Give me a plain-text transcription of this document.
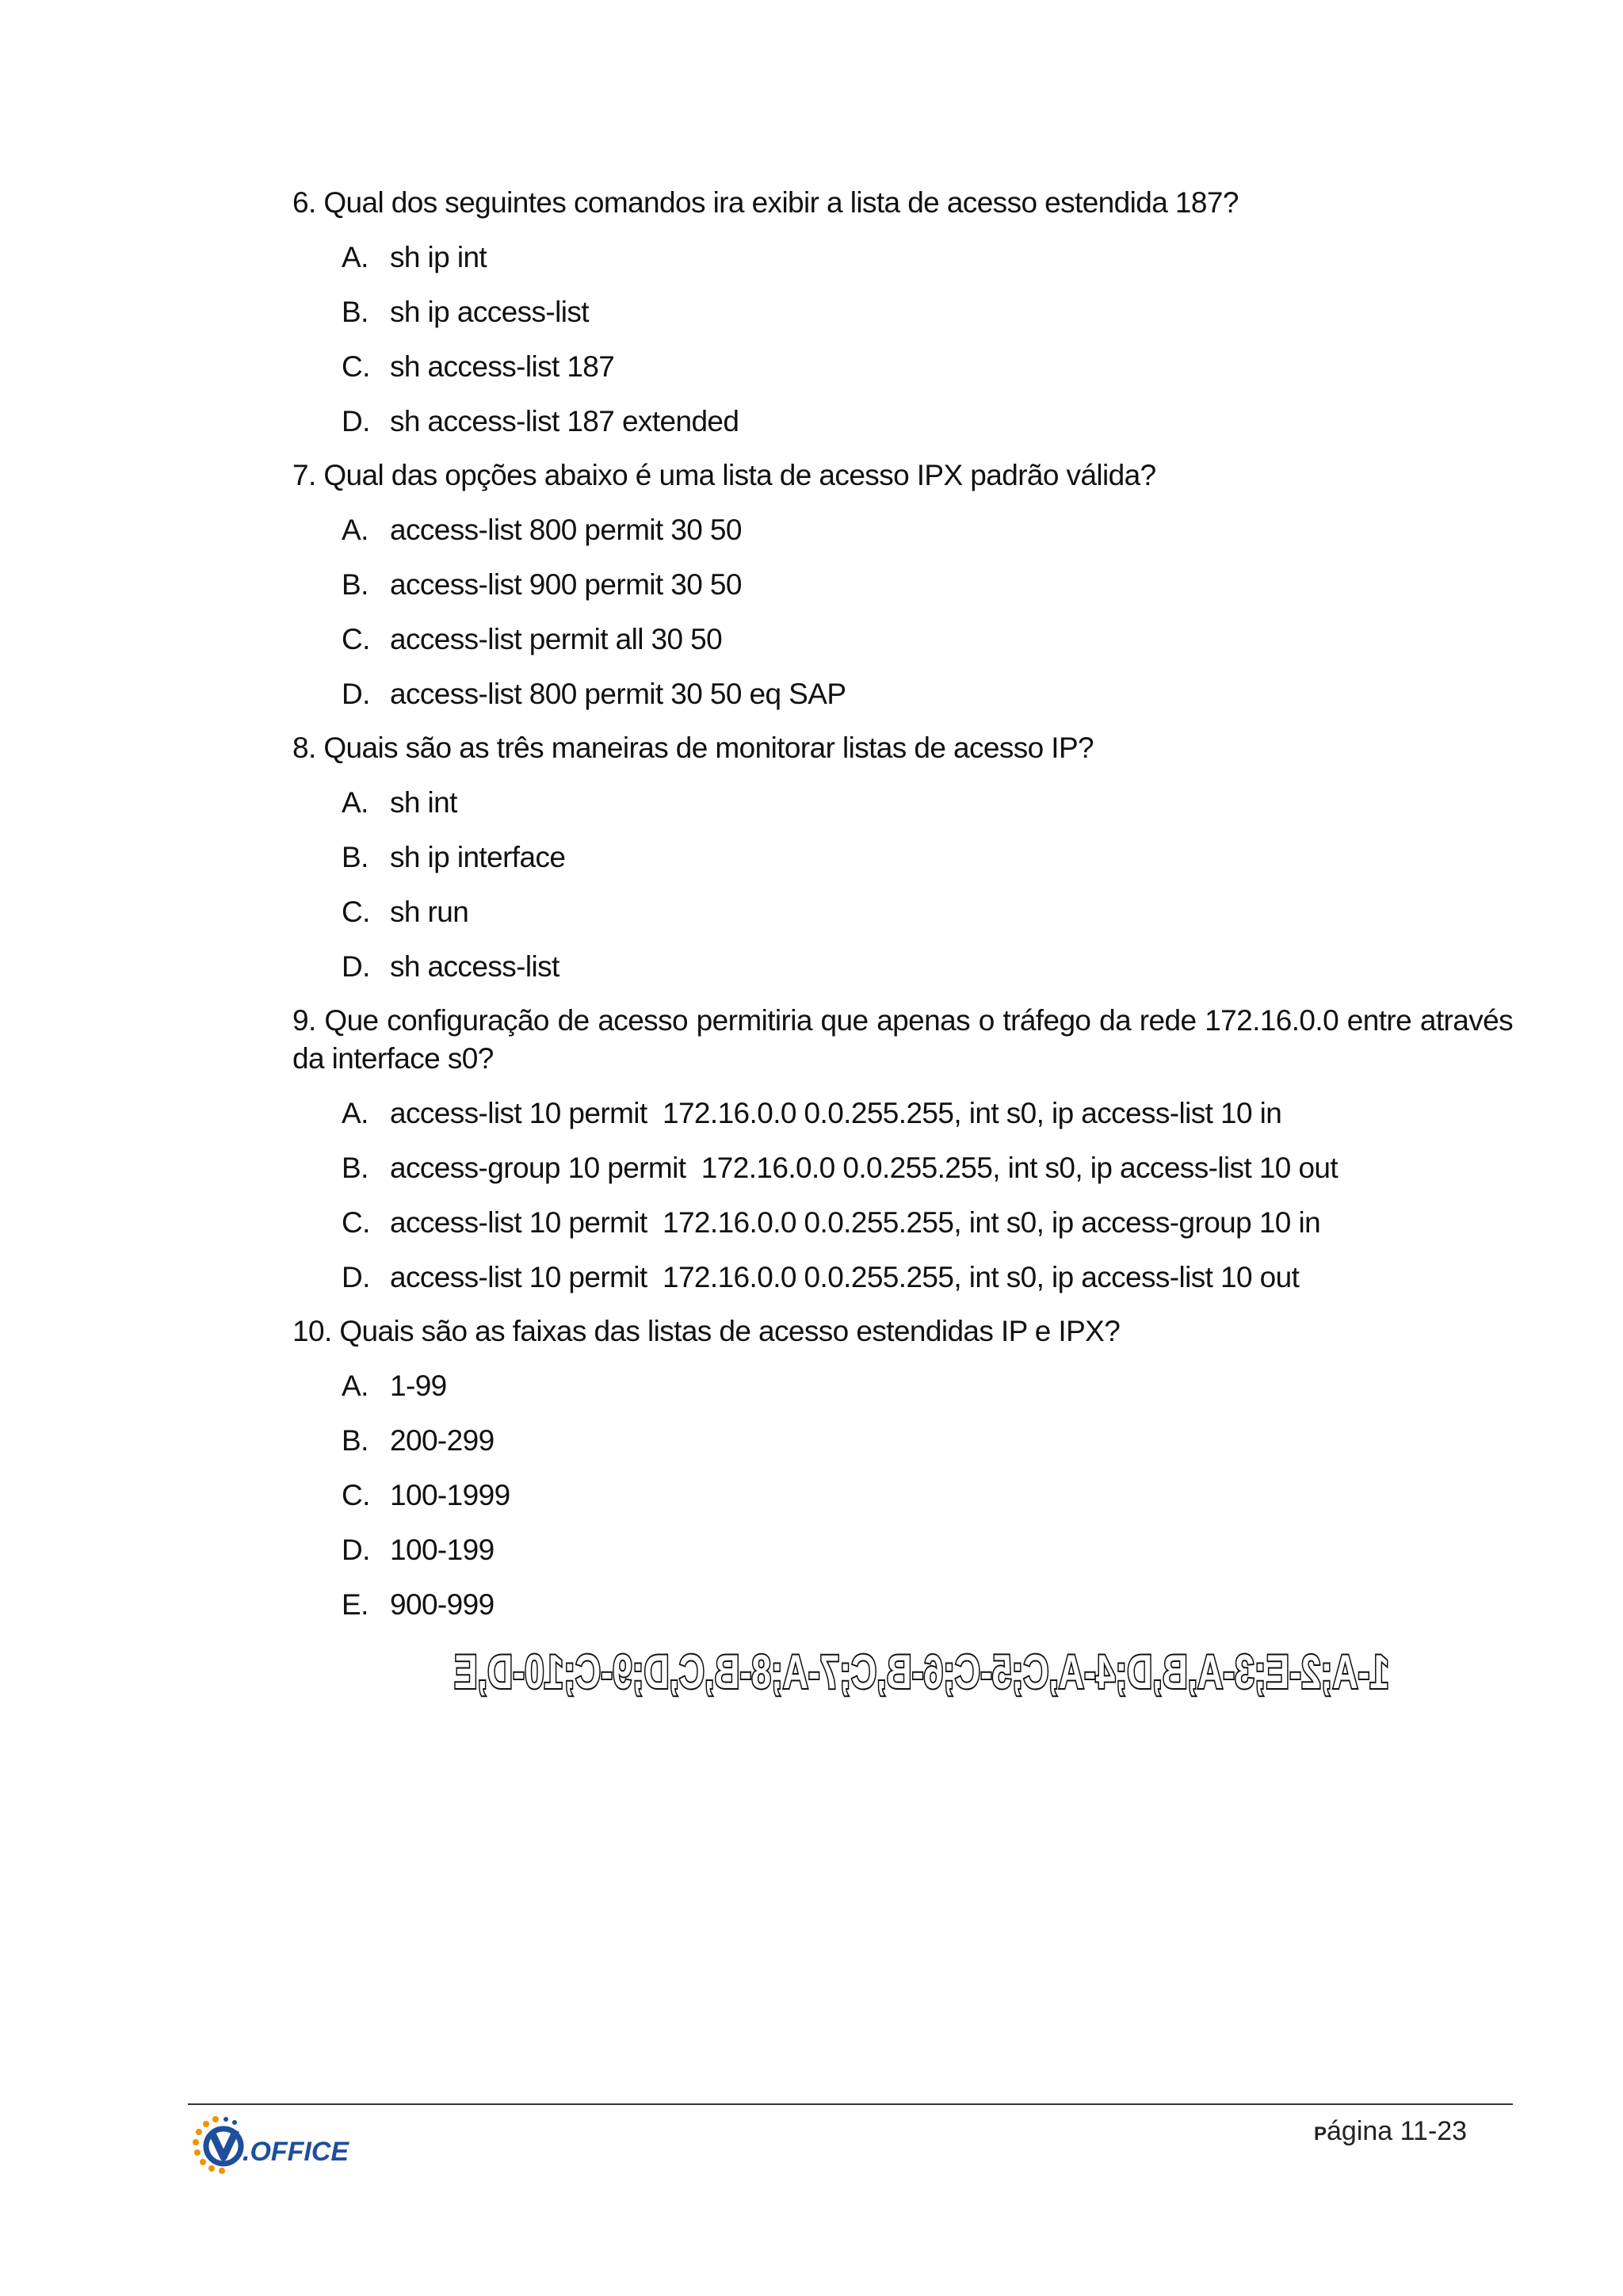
6. Qual dos seguintes comandos ira exibir a lista de acesso estendida 187?

A. sh ip int
B. sh ip access-list
C. sh access-list 187
D. sh access-list 187 extended

7. Qual das opções abaixo é uma lista de acesso IPX padrão válida?

A. access-list 800 permit 30 50
B. access-list 900 permit 30 50
C. access-list permit all 30 50
D. access-list 800 permit 30 50 eq SAP

8. Quais são as três maneiras de monitorar listas de acesso IP?

A. sh int
B. sh ip interface
C. sh run
D. sh access-list

9. Que configuração de acesso permitiria que apenas o tráfego da rede 172.16.0.0 entre através da interface s0?

A. access-list 10 permit  172.16.0.0 0.0.255.255, int s0, ip access-list 10 in
B. access-group 10 permit  172.16.0.0 0.0.255.255, int s0, ip access-list 10 out
C. access-list 10 permit  172.16.0.0 0.0.255.255, int s0, ip access-group 10 in
D. access-list 10 permit  172.16.0.0 0.0.255.255, int s0, ip access-list 10 out

10. Quais são as faixas das listas de acesso estendidas IP e IPX?

A. 1-99
B. 200-299
C. 100-1999
D. 100-199
E. 900-999
1-A;2-E;3-A,B,D;4-A,C;5-C;6-B,C;7-A;8-B,C,D;9-C;10-D,E
.OFFICE
Página 11-23
